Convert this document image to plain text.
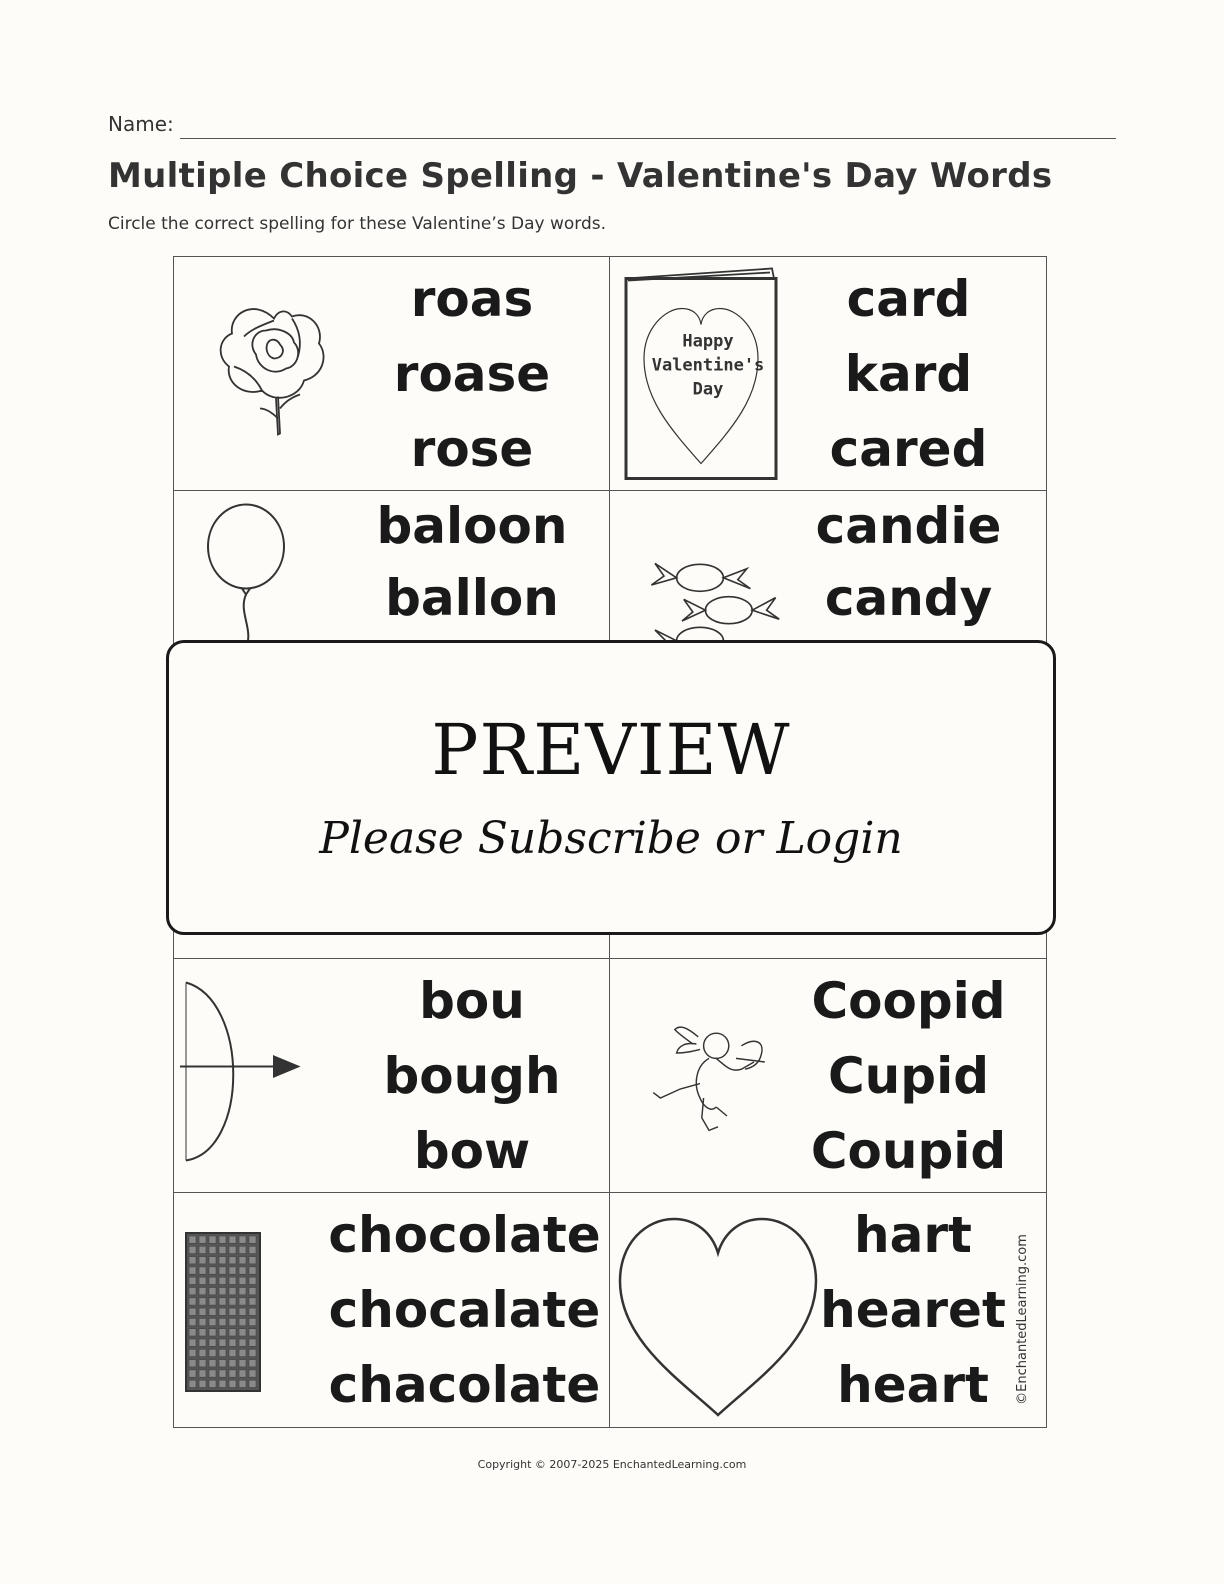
Name:
Multiple Choice Spelling - Valentine's Day Words
Circle the correct spelling for these Valentine’s Day words.
roas
roase
rose
Happy
Valentine's
Day
card
kard
cared
baloon
ballon
candie
candy
bou
bough
bow
Coopid
Cupid
Coupid
chocolate
chocalate
chacolate
hart
hearet
heart ©EnchantedLearning.com
PREVIEW
Please Subscribe or Login
Copyright © 2007-2025 EnchantedLearning.com
